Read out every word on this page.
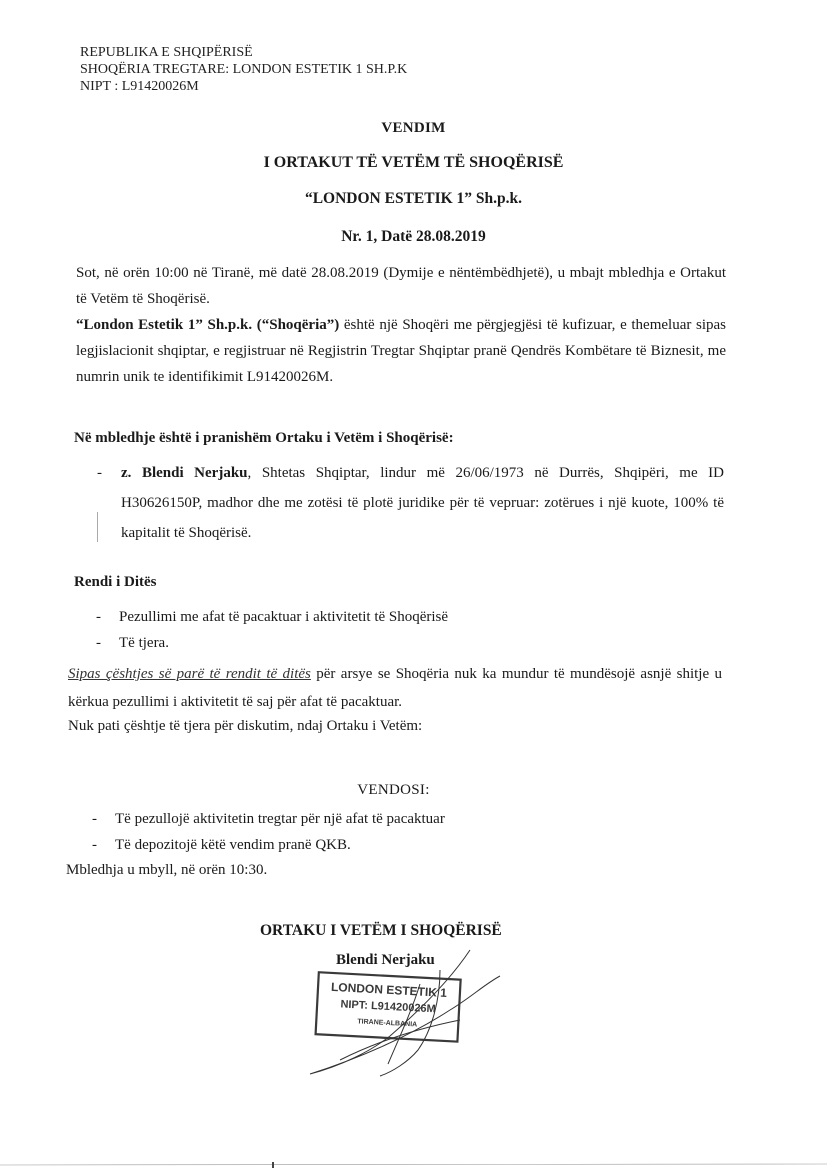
REPUBLIKA E SHQIPËRISË
SHOQËRIA TREGTARE: LONDON ESTETIK 1 SH.P.K
NIPT : L91420026M
VENDIM
I ORTAKUT TË VETËM TË SHOQËRISË
“LONDON ESTETIK 1” Sh.p.k.
Nr. 1, Datë 28.08.2019
Sot, në orën 10:00 në Tiranë, më datë 28.08.2019 (Dymije e nëntëmbëdhjetë), u mbajt mbledhja e Ortakut të Vetëm të Shoqërisë.
“London Estetik 1” Sh.p.k. (“Shoqëria”) është një Shoqëri me përgjegjësi të kufizuar, e themeluar sipas legjislacionit shqiptar, e regjistruar në Regjistrin Tregtar Shqiptar pranë Qendrës Kombëtare të Biznesit, me numrin unik te identifikimit L91420026M.
Në mbledhje është i pranishëm Ortaku i Vetëm i Shoqërisë:
- z. Blendi Nerjaku, Shtetas Shqiptar, lindur më 26/06/1973 në Durrës, Shqipëri, me ID H30626150P, madhor dhe me zotësi të plotë juridike për të vepruar: zotërues i një kuote, 100% të kapitalit të Shoqërisë.
Rendi i Ditës
- Pezullimi me afat të pacaktuar i aktivitetit të Shoqërisë
- Të tjera.
Sipas çështjes së parë të rendit të ditës për arsye se Shoqëria nuk ka mundur të mundësojë asnjë shitje u kërkua pezullimi i aktivitetit të saj për afat të pacaktuar.
Nuk pati çështje të tjera për diskutim, ndaj Ortaku i Vetëm:
VENDOSI:
- Të pezullojë aktivitetin tregtar për një afat të pacaktuar
- Të depozitojë këtë vendim pranë QKB.
Mbledhja u mbyll, në orën 10:30.
ORTAKU I VETËM I SHOQËRISË
Blendi Nerjaku
LONDON ESTETIK 1
NIPT: L91420026M
TIRANE-ALBANIA
